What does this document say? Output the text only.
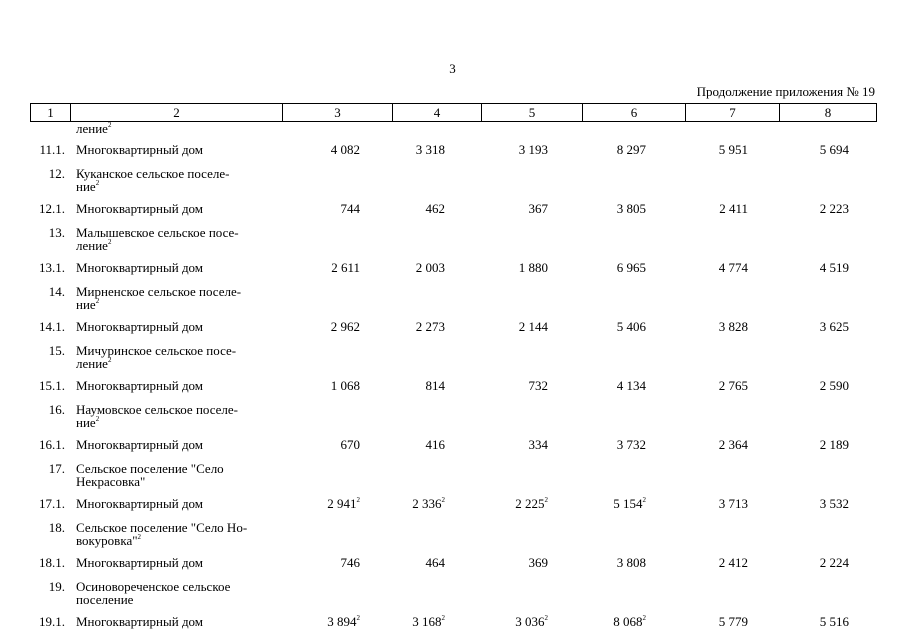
3
Продолжение приложения № 19
1	2	3	4	5	6	7	8
	ление$^2$						
11.1.	Многоквартирный дом	4 082	3 318	3 193	8 297	5 951	5 694
12.	Куканское сельское поселе-
ние$^2$						
12.1.	Многоквартирный дом	744	462	367	3 805	2 411	2 223
13.	Малышевское сельское посе-
ление$^2$						
13.1.	Многоквартирный дом	2 611	2 003	1 880	6 965	4 774	4 519
14.	Мирненское сельское поселе-
ние$^2$						
14.1.	Многоквартирный дом	2 962	2 273	2 144	5 406	3 828	3 625
15.	Мичуринское сельское посе-
ление$^2$						
15.1.	Многоквартирный дом	1 068	814	732	4 134	2 765	2 590
16.	Наумовское сельское поселе-
ние$^2$						
16.1.	Многоквартирный дом	670	416	334	3 732	2 364	2 189
17.	Сельское поселение "Село
Некрасовка"						
17.1.	Многоквартирный дом	2 $941^2$	2 $336^2$	2 $225^2$	5 $154^2$	3 713	3 532
18.	Сельское поселение "Село Но-
вокуровка"$^2$						
18.1.	Многоквартирный дом	746	464	369	3 808	2 412	2 224
19.	Осиновореченское сельское
поселение						
19.1.	Многоквартирный дом	3 $894^2$	3 $168^2$	3 $036^2$	8 $068^2$	5 779	5 516
